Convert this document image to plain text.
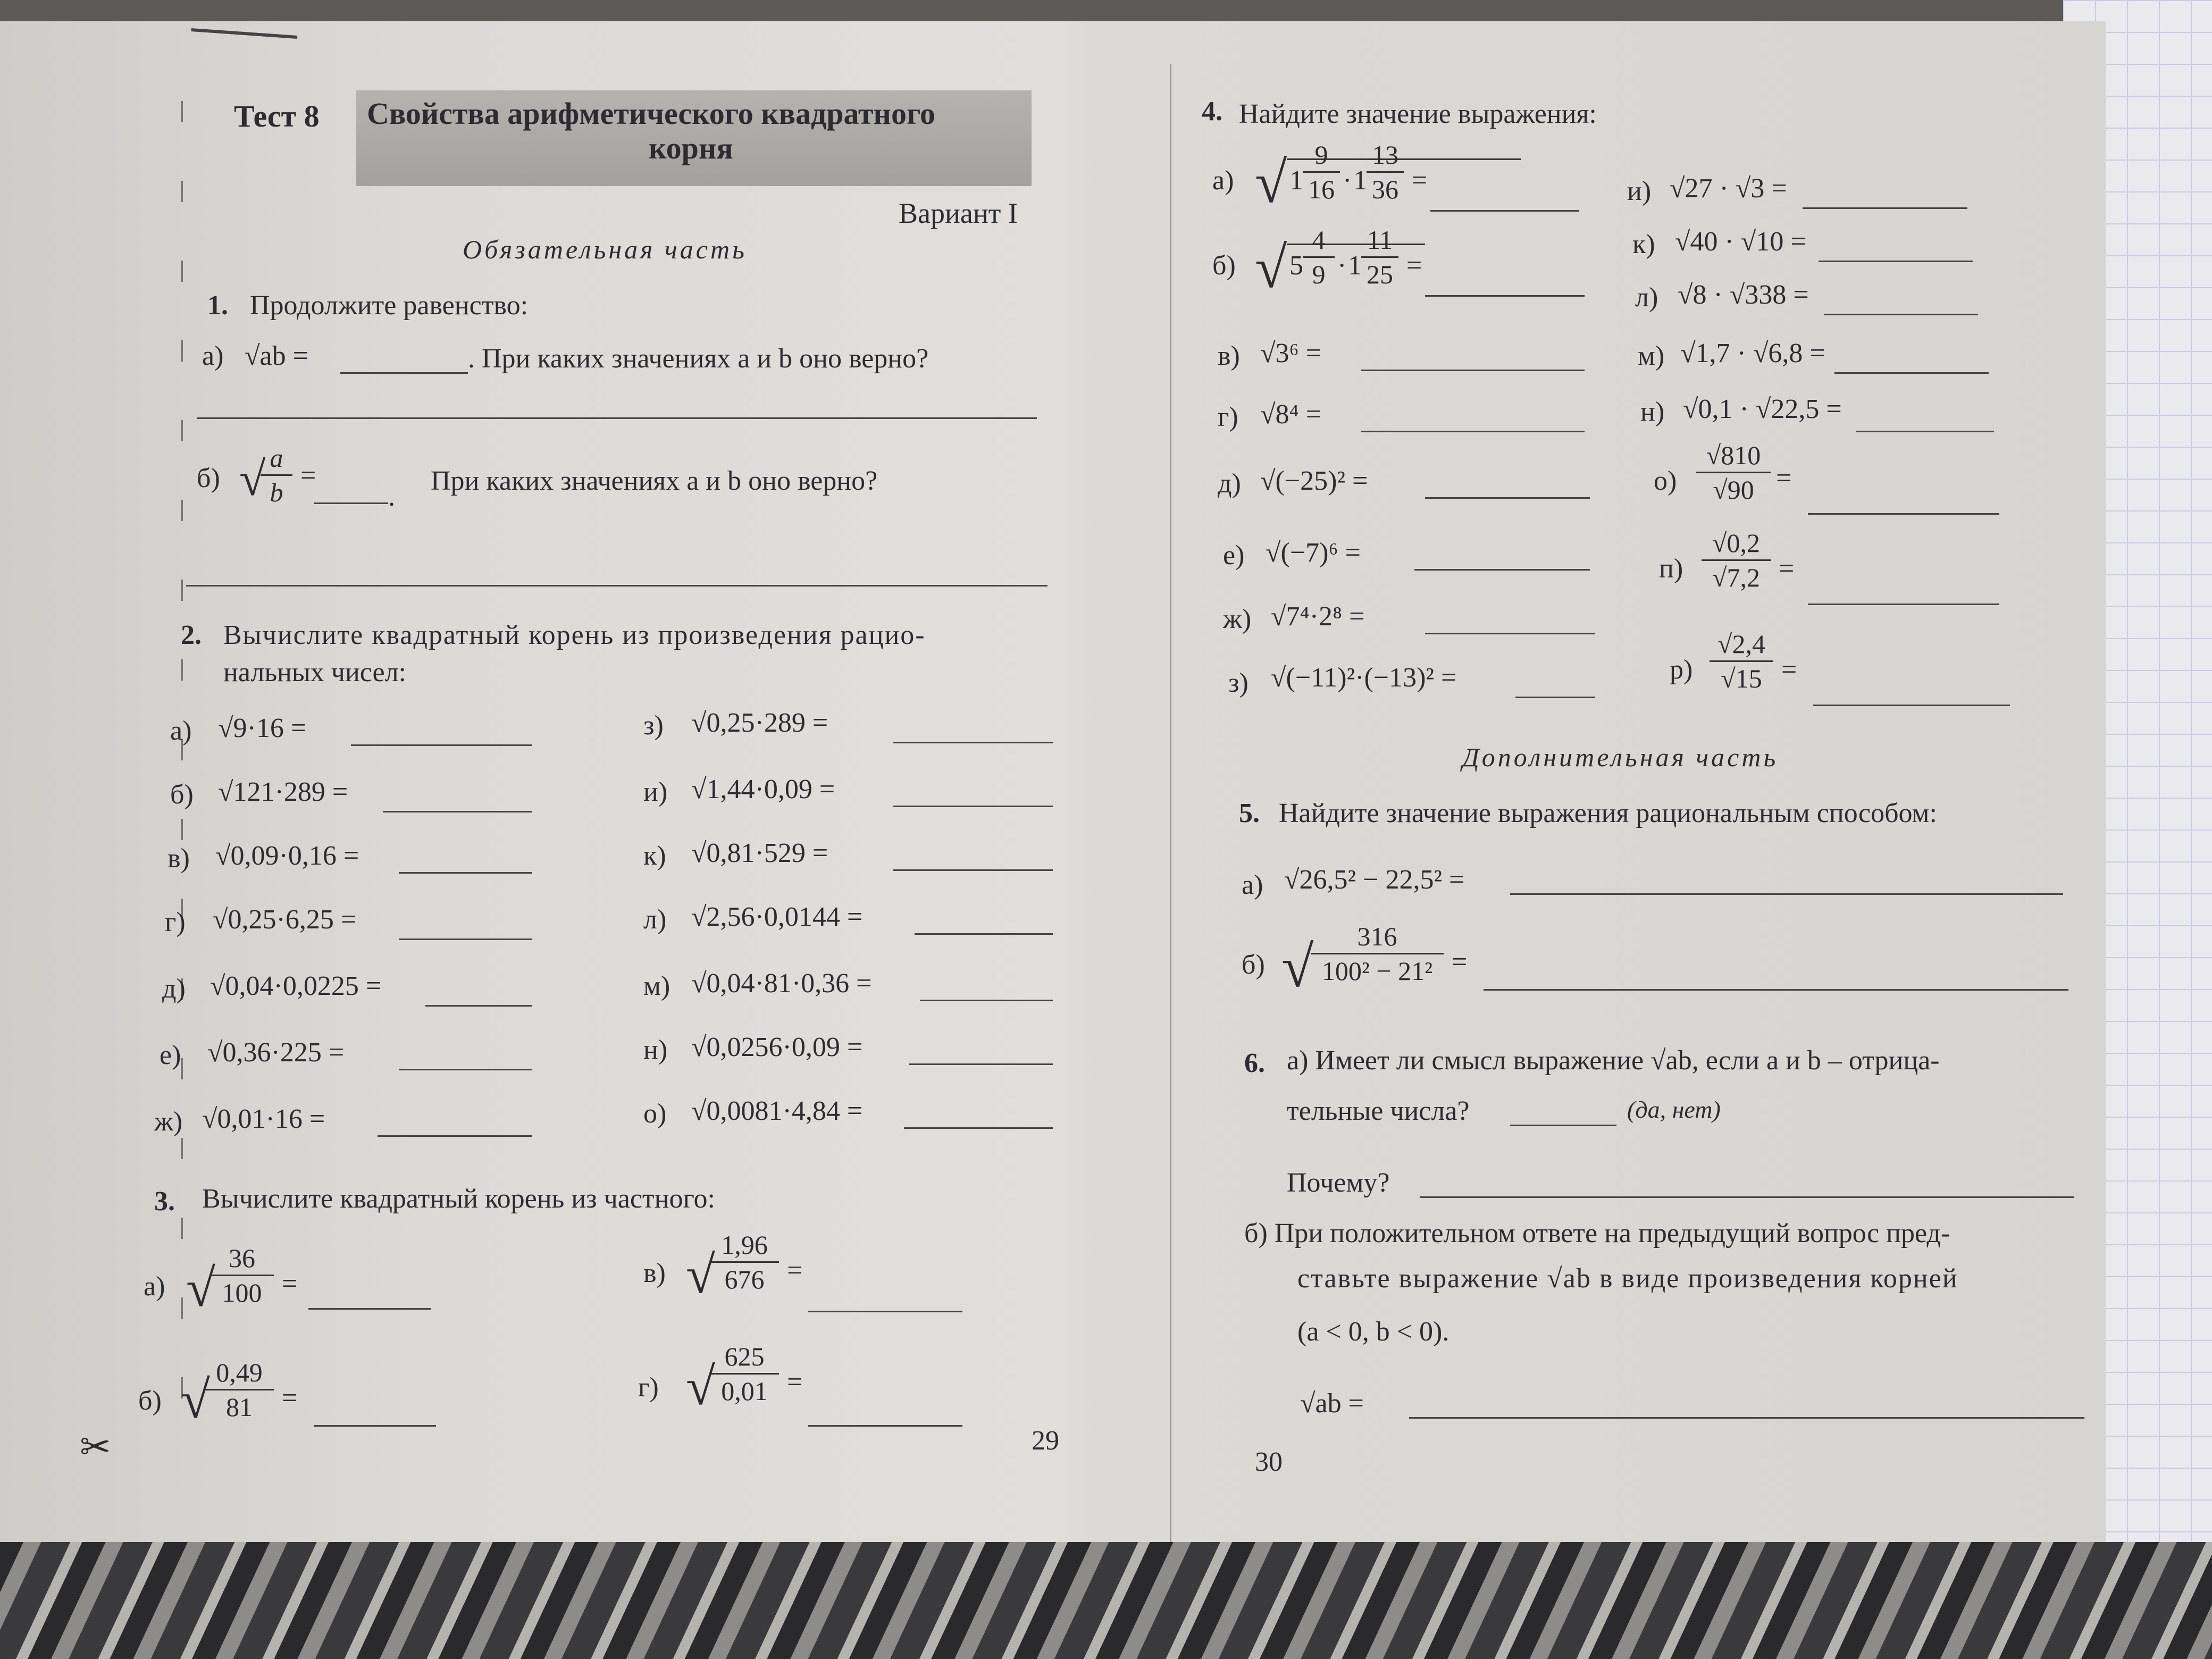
✂
Тест 8 Свойства арифметического квадратного
корня
Вариант I
Обязательная часть
1. Продолжите равенство:
а) √ab =	. При каких значениях a и b оно верно?
б) √
$\frac{a}{b}$ =
.
При каких значениях a и b оно верно?
2. Вычислите квадратный корень из произведения рацио-
нальных чисел:
а) √9·16 =
б) √121·289 =
в) √0,09·0,16 =
г) √0,25·6,25 =
д) √0,04·0,0225 =
е) √0,36·225 =
ж) √0,01·16 =
з) √0,25·289 =
и) √1,44·0,09 =
к) √0,81·529 =
л) √2,56·0,0144 =
м) √0,04·81·0,36 =
н) √0,0256·0,09 =
о) √0,0081·4,84 =
3. Вычислите квадратный корень из частного:
а) √
$\frac{36}{100}$ =
б) √
$\frac{0,49}{81}$ =
в) √
$\frac{1,96}{676}$ =
г) √
$\frac{625}{0,01}$ =
29
4. Найдите значение выражения:
а) √ $1 \frac{9}{16} \cdot 1 \frac{13}{36}$ =
б) √ $5 \frac{4}{9} \cdot 1 \frac{11}{25}$ =
в) √3⁶ =
г) √8⁴ =
д) √(−25)² =
е) √(−7)⁶ =
ж) √7⁴·2⁸ =
з) √(−11)²·(−13)² =
и) √27 · √3 =
к) √40 · √10 =
л) √8 · √338 =
м) √1,7 · √6,8 =
н) √0,1 · √22,5 =
$о) \frac{√810}{√90}$ =
$п) \frac{√0,2}{√7,2}$ =
$р) \frac{√2,4}{√15}$ =
Дополнительная часть
5. Найдите значение выражения рациональным способом:
а) √26,5² − 22,5² =
б) √
$\frac{316}{\text{100² − 21²}}$ =
6. а) Имеет ли смысл выражение √ab, если a и b – отрица-
тельные числа?	(да, нет)
Почему?
б) При положительном ответе на предыдущий вопрос пред-
ставьте выражение √ab в виде произведения корней
(a < 0, b < 0).
√ab =
30
